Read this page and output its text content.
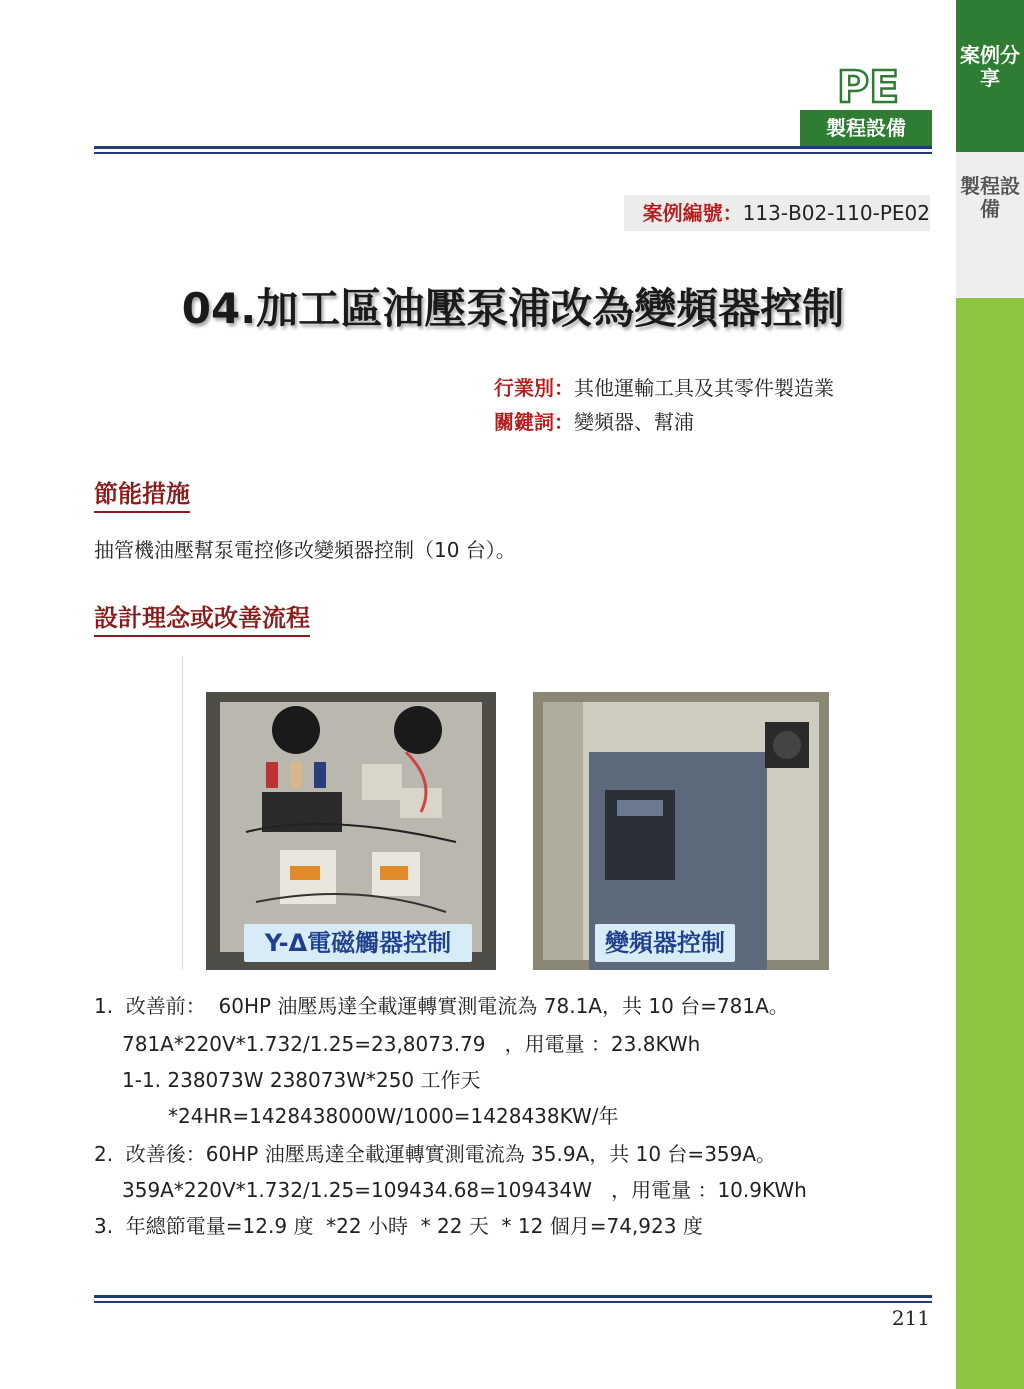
案例分享
製程設備
PE
製程設備
案例編號：113-B02-110-PE02
04.加工區油壓泵浦改為變頻器控制
行業別：其他運輸工具及其零件製造業
關鍵詞：變頻器、幫浦
節能措施
抽管機油壓幫泵電控修改變頻器控制（10 台）。
設計理念或改善流程
Y-Δ電磁觸器控制	變頻器控制
1.  改善前：  60HP 油壓馬達全載運轉實測電流為 78.1A，共 10 台=781A。
781A*220V*1.732/1.25=23,8073.79   ，用電量 ：23.8KWh
1-1. 238073W 238073W*250 工作天
*24HR=1428438000W/1000=1428438KW/年
2.  改善後：60HP 油壓馬達全載運轉實測電流為 35.9A，共 10 台=359A。
359A*220V*1.732/1.25=109434.68=109434W   ，用電量 ：10.9KWh
3.  年總節電量=12.9 度  *22 小時  * 22 天  * 12 個月=74,923 度
211
